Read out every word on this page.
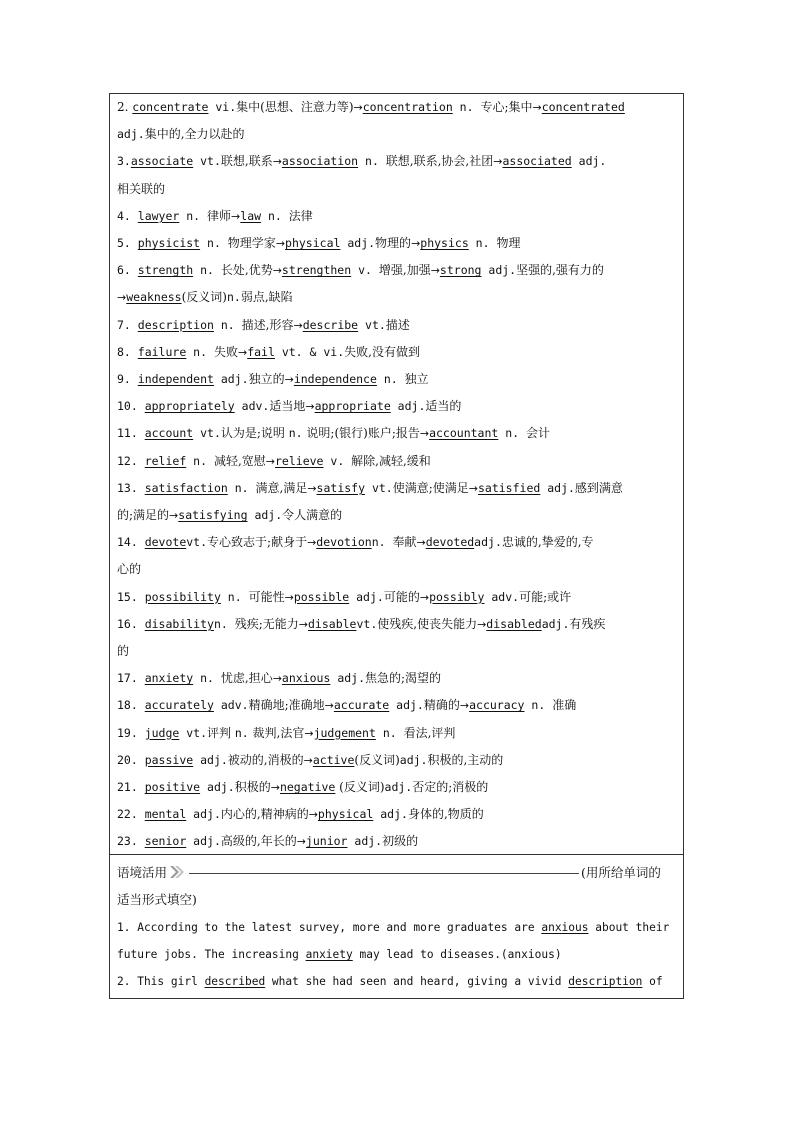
2. concentrate vi.集中(思想、注意力等)→concentration n. 专心;集中→concentrated
adj.集中的,全力以赴的
3.associate vt.联想,联系→association n. 联想,联系,协会,社团→associated adj.
相关联的
4. lawyer n. 律师→law n. 法律
5. physicist n. 物理学家→physical adj.物理的→physics n. 物理
6. strength n. 长处,优势→strengthen v. 增强,加强→strong adj.坚强的,强有力的
→weakness(反义词)n.弱点,缺陷
7. description n. 描述,形容→describe vt.描述
8. failure n. 失败→fail vt. & vi.失败,没有做到
9. independent adj.独立的→independence n. 独立
10. appropriately adv.适当地→appropriate adj.适当的
11. account vt.认为是;说明 n. 说明;(银行)账户;报告→accountant n. 会计
12. relief n. 减轻,宽慰→relieve v. 解除,减轻,缓和
13. satisfaction n. 满意,满足→satisfy vt.使满意;使满足→satisfied adj.感到满意
的;满足的→satisfying adj.令人满意的
14. devotevt.专心致志于;献身于→devotionn. 奉献→devotedadj.忠诚的,挚爱的,专
心的
15. possibility n. 可能性→possible adj.可能的→possibly adv.可能;或许
16. disabilityn. 残疾;无能力→disablevt.使残疾,使丧失能力→disabledadj.有残疾
的
17. anxiety n. 忧虑,担心→anxious adj.焦急的;渴望的
18. accurately adv.精确地;准确地→accurate adj.精确的→accuracy n. 准确
19. judge vt.评判 n. 裁判,法官→judgement n. 看法,评判
20. passive adj.被动的,消极的→active(反义词)adj.积极的,主动的
21. positive adj.积极的→negative (反义词)adj.否定的;消极的
22. mental adj.内心的,精神病的→physical adj.身体的,物质的
23. senior adj.高级的,年长的→junior adj.初级的
语境活用	(用所给单词的
适当形式填空)
1. According to the latest survey, more and more graduates are anxious about their
future jobs. The increasing anxiety may lead to diseases.(anxious)
2. This girl described what she had seen and heard, giving a vivid description of
